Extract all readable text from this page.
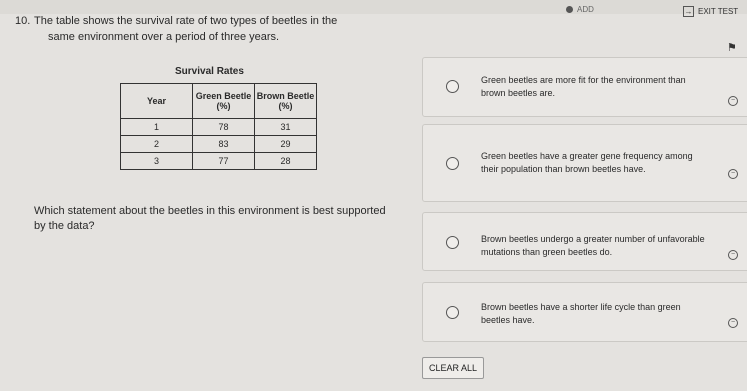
ADD	→ EXIT TEST
⚑
10. The table shows the survival rate of two types of beetles in the
same environment over a period of three years.
Survival Rates
Year	Green Beetle (%)	Brown Beetle (%)
1	78	31
2	83	29
3	77	28
Which statement about the beetles in this environment is best supported by the data?
Green beetles are more fit for the environment than brown beetles are.
−
Green beetles have a greater gene frequency among their population than brown beetles have.	−
Brown beetles undergo a greater number of unfavorable mutations than green beetles do.	−
Brown beetles have a shorter life cycle than green beetles have.	−
CLEAR ALL
